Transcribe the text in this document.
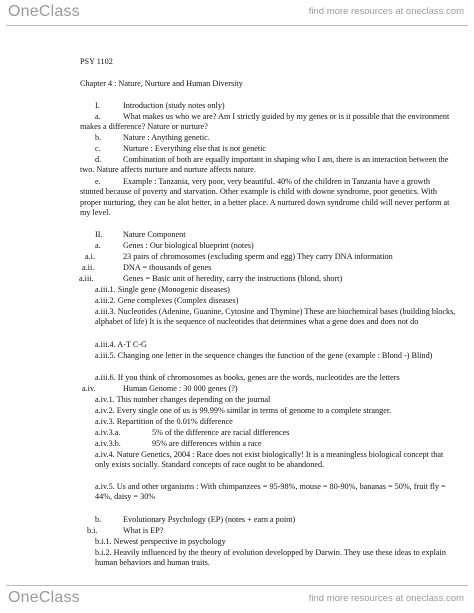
OneClass	find more resources at oneclass.com
PSY 1102
Chapter 4 : Nature, Nurture and Human Diversity
I.	Introduction (study notes only)
a.	What makes us who we are? Am I strictly guided by my genes or is it possible that the environment makes a difference? Nature or nurture?
b.	Nature : Anything genetic.
c.	Nurture : Everything else that is not genetic
d.	Combination of both are equally important in shaping who I am, there is an interaction between the two. Nature affects nurture and nurture affects nature.
e.	Example : Tanzania, very poor, very beautiful. 40% of the children in Tanzania have a growth stunted because of poverty and starvation. Other example is child with downe syndrome, poor genetics. With proper nurturing, they can be alot better, in a better place. A nurtured down syndrome child will never perform at my level.
II.	Nature Component
a.	Genes : Our biological blueprint (notes)
a.i.	23 pairs of chromosomes (excluding sperm and egg) They carry DNA information
a.ii.	DNA = thousands of genes
a.iii.	Genes = Basic unit of heredity, carry the instructions (blond, short)
a.iii.1. Single gene (Monogenic diseases)
a.iii.2. Gene complexes (Complex diseases)
a.iii.3. Nucleotides (Adenine, Guanine, Cytosine and Thymine) These are biochemical bases (building blocks, alphabet of life) It is the sequence of nucleotides that determines what a gene does and does not do
a.iii.4. A-T C-G
a.iii.5. Changing one letter in the sequence changes the function of the gene (example : Blond -) Blind)
a.iii.6. If you think of chromosomes as books, genes are the words, nucleotides are the letters
a.iv.	Human Genome : 30 000 genes (?)
a.iv.1. This number changes depending on the journal
a.iv.2. Every single one of us is 99.99% similar in terms of genome to a complete stranger.
a.iv.3. Repartition of the 0.01% difference
a.iv.3.a.	5% of the difference are racial differences
a.iv.3.b.	95% are differences within a race
a.iv.4. Nature Genetics, 2004 : Race does not exist biologically! It is a meaningless biological concept that only exists socially. Standard concepts of race ought to be abandoned.
a.iv.5. Us and other organisms : With chimpanzees = 95-98%, mouse = 80-90%, bananas = 50%, fruit fly = 44%, daisy = 30%
b.	Evolutionary Psychology (EP) (notes + earn a point)
b.i.	What is EP?
b.i.1. Newest perspective in psychology
b.i.2. Heavily influenced by the theory of evolution developped by Darwin. They use these ideas to explain human behaviors and human traits.
OneClass	find more resources at oneclass.com
